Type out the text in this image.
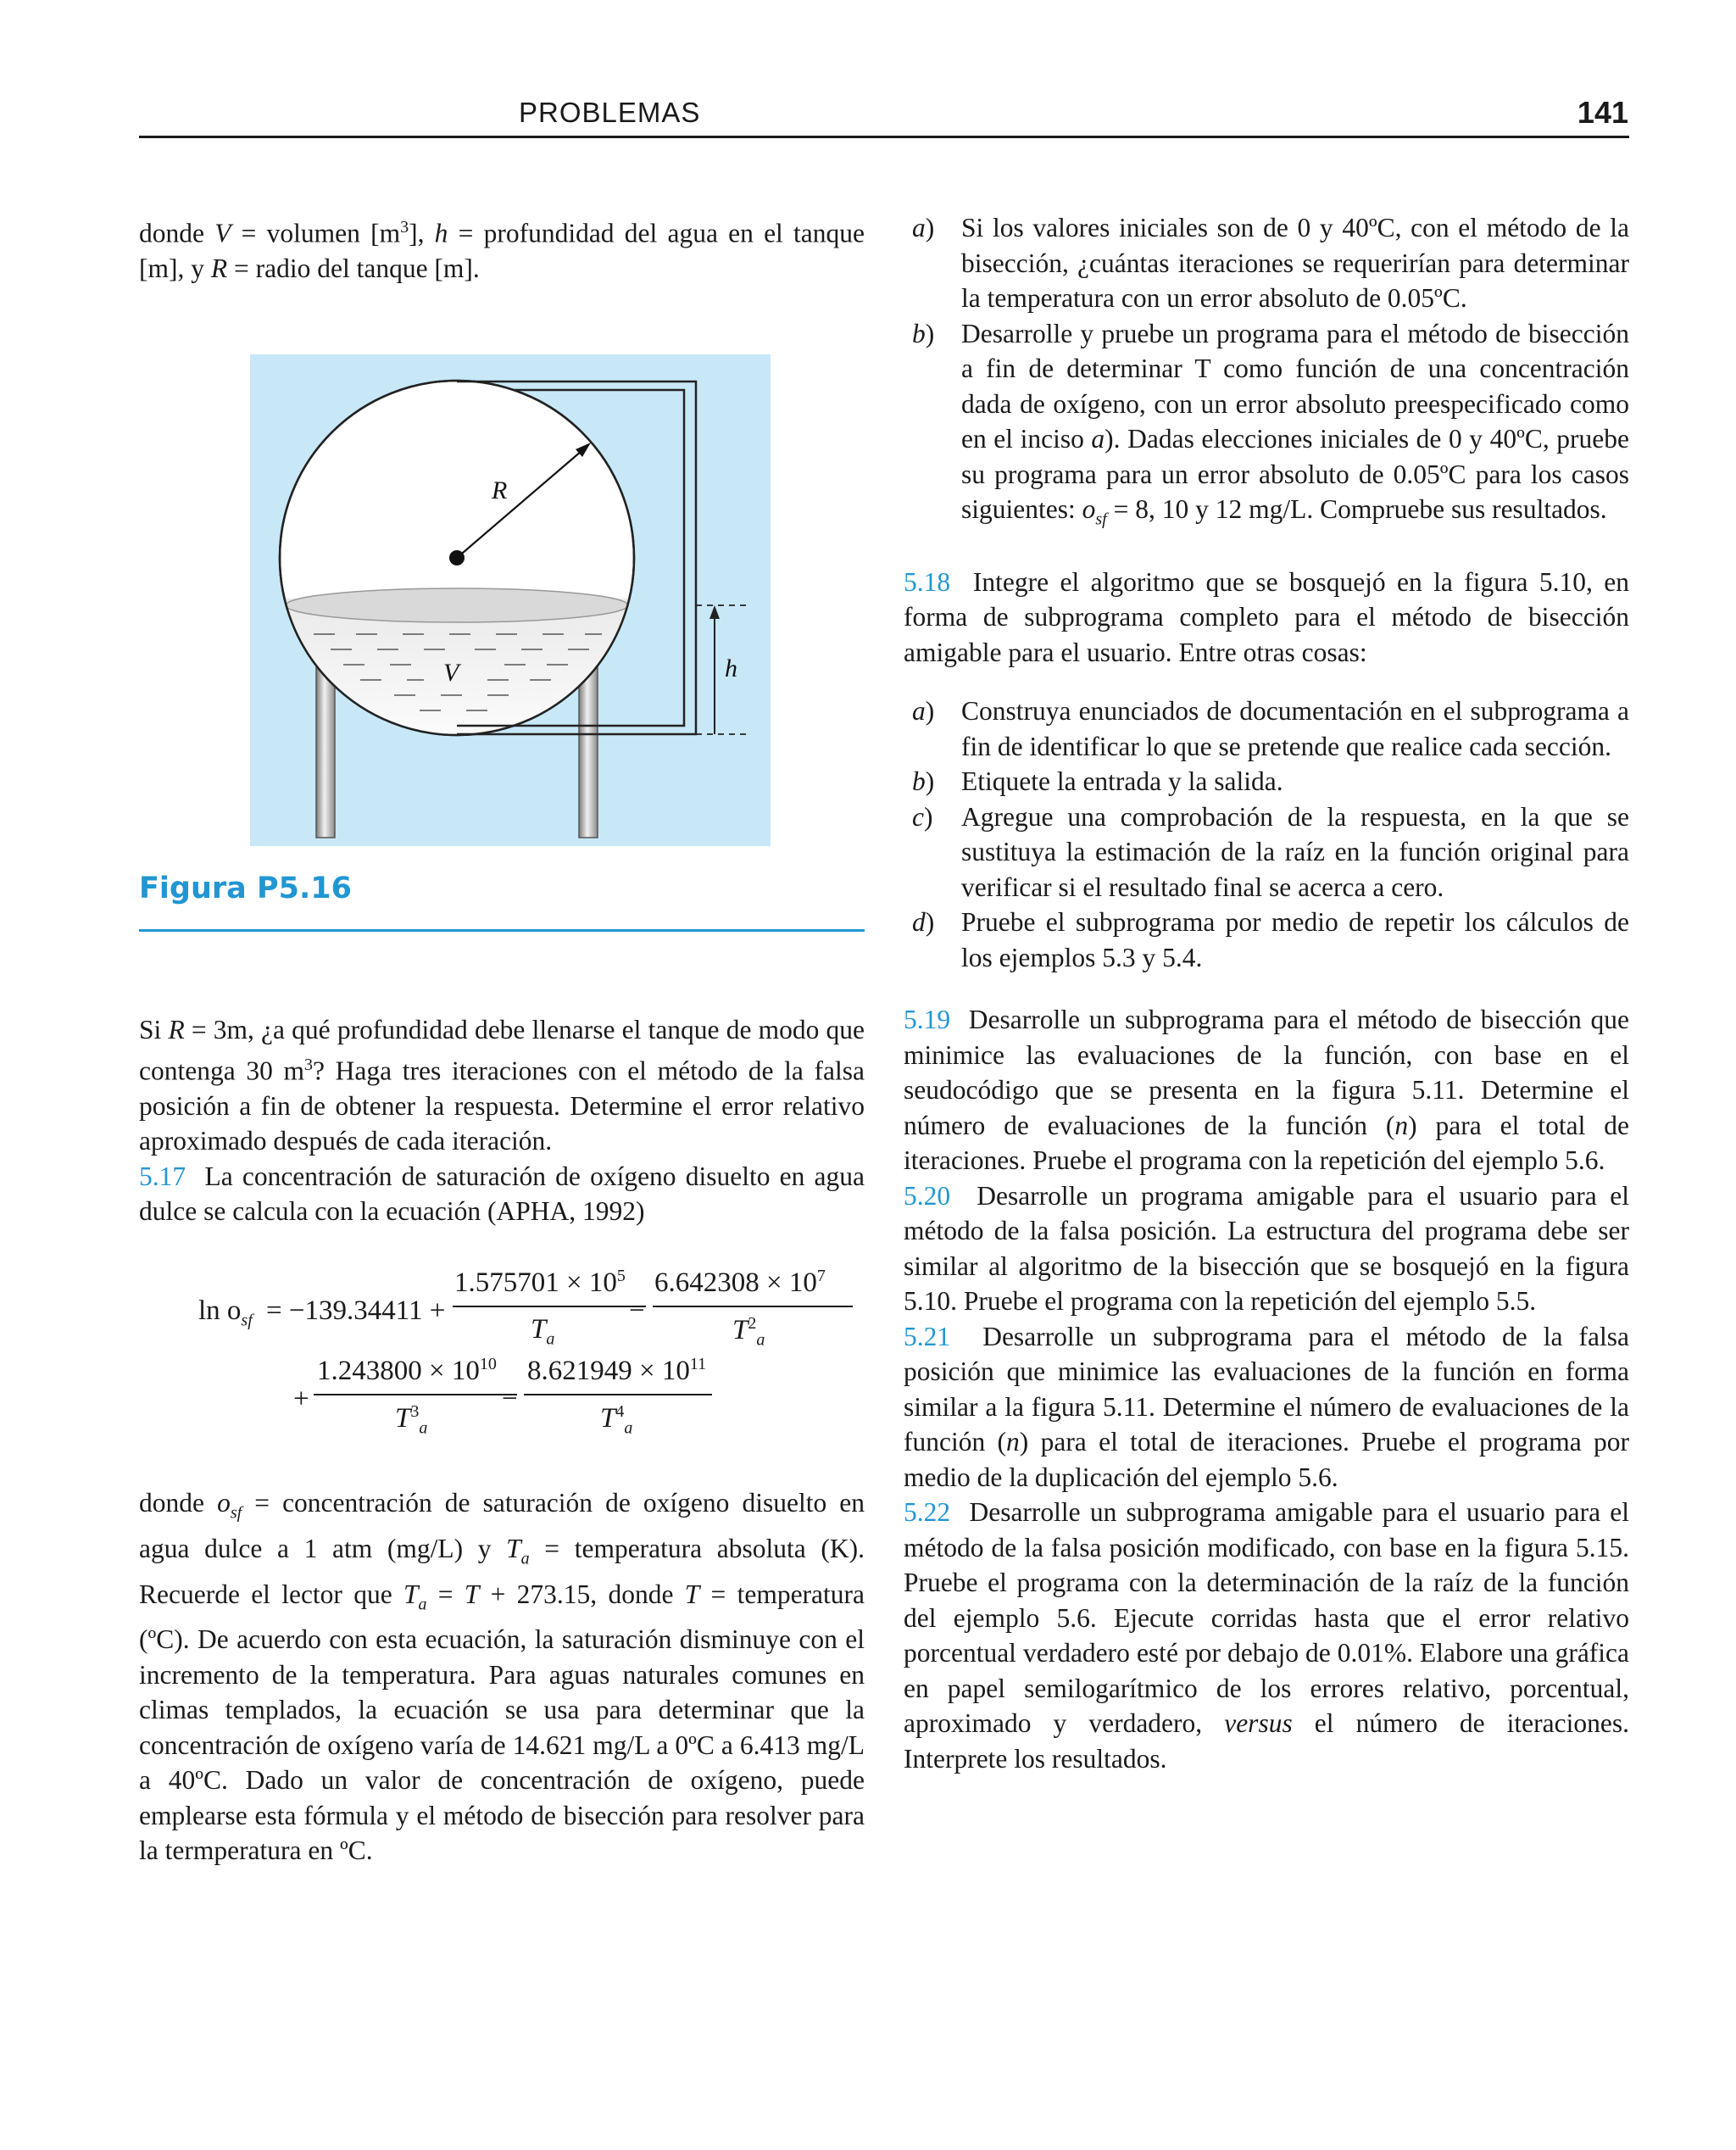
PROBLEMAS	141

donde V = volumen $[m^3]$, h = profundidad del agua en el tanque [m], y R = radio del tanque [m].

R
V	h
Figura P5.16

Si R = 3m, ¿a qué profundidad debe llenarse el tanque de modo que contenga 30 $m^3$? Haga tres iteraciones con el método de la falsa posición a fin de obtener la respuesta. Determine el error relativo aproximado después de cada iteración.

5.17  La concentración de saturación de oxígeno disuelto en agua dulce se calcula con la ecuación (APHA, 1992)

$\ln o_{sf} = -139.34411$ +
$1.575701 \times 10^5$
$T_a$
−
$6.642308 \times 10^7$
$T^2_a$
+
$1.243800 \times 10^{10}$
$T^3_a$
−
$8.621949 \times 10^{11}$
$T^4_a$

donde $o_{sf}$ = concentración de saturación de oxígeno disuelto en agua dulce a 1 atm (mg/L) y $T_a$ = temperatura absoluta (K). Recuerde el lector que $T_a = T + 273.15$, donde T = temperatura (ºC). De acuerdo con esta ecuación, la saturación disminuye con el incremento de la temperatura. Para aguas naturales comunes en climas templados, la ecuación se usa para determinar que la concentración de oxígeno varía de 14.621 mg/L a 0ºC a 6.413 mg/L a 40ºC. Dado un valor de concentración de oxígeno, puede emplearse esta fórmula y el método de bisección para resolver para la termperatura en ºC.

a) Si los valores iniciales son de 0 y 40ºC, con el método de la bisección, ¿cuántas iteraciones se requerirían para determinar la temperatura con un error absoluto de 0.05ºC.
b) Desarrolle y pruebe un programa para el método de bisección a fin de determinar T como función de una concentración dada de oxígeno, con un error absoluto preespecificado como en el inciso a). Dadas elecciones iniciales de 0 y 40ºC, pruebe su programa para un error absoluto de 0.05ºC para los casos siguientes: $o_{sf} = 8$, 10 y 12 mg/L. Compruebe sus resultados.

5.18  Integre el algoritmo que se bosquejó en la figura 5.10, en forma de subprograma completo para el método de bisección amigable para el usuario. Entre otras cosas:

a) Construya enunciados de documentación en el subprograma a fin de identificar lo que se pretende que realice cada sección.
b) Etiquete la entrada y la salida.
c) Agregue una comprobación de la respuesta, en la que se sustituya la estimación de la raíz en la función original para verificar si el resultado final se acerca a cero.
d) Pruebe el subprograma por medio de repetir los cálculos de los ejemplos 5.3 y 5.4.

5.19  Desarrolle un subprograma para el método de bisección que minimice las evaluaciones de la función, con base en el seudocódigo que se presenta en la figura 5.11. Determine el número de evaluaciones de la función (n) para el total de iteraciones. Pruebe el programa con la repetición del ejemplo 5.6.

5.20  Desarrolle un programa amigable para el usuario para el método de la falsa posición. La estructura del programa debe ser similar al algoritmo de la bisección que se bosquejó en la figura 5.10. Pruebe el programa con la repetición del ejemplo 5.5.

5.21  Desarrolle un subprograma para el método de la falsa posición que minimice las evaluaciones de la función en forma similar a la figura 5.11. Determine el número de evaluaciones de la función (n) para el total de iteraciones. Pruebe el programa por medio de la duplicación del ejemplo 5.6.

5.22  Desarrolle un subprograma amigable para el usuario para el método de la falsa posición modificado, con base en la figura 5.15. Pruebe el programa con la determinación de la raíz de la función del ejemplo 5.6. Ejecute corridas hasta que el error relativo porcentual verdadero esté por debajo de 0.01%. Elabore una gráfica en papel semilogarítmico de los errores relativo, porcentual, aproximado y verdadero, versus el número de iteraciones. Interprete los resultados.
